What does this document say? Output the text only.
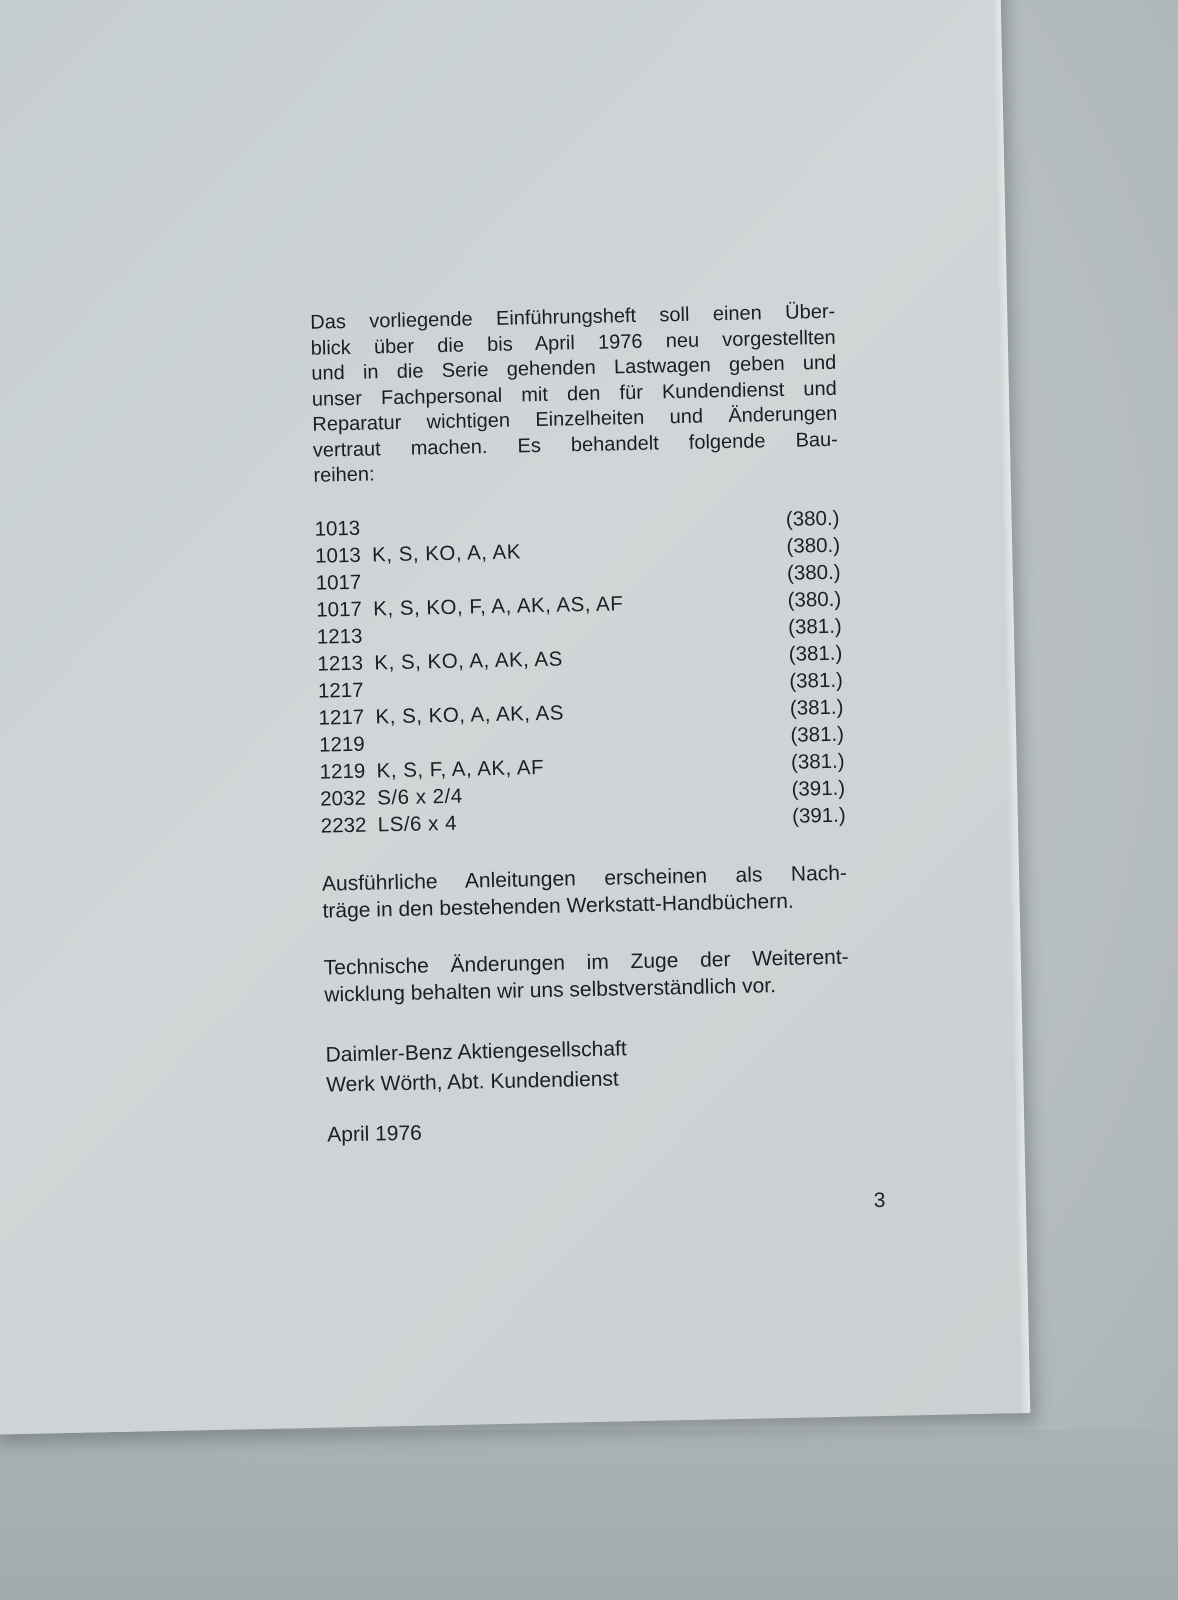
Das vorliegende Einführungsheft soll einen Über-
blick über die bis April 1976 neu vorgestellten
und in die Serie gehenden Lastwagen geben und
unser Fachpersonal mit den für Kundendienst und
Reparatur wichtigen Einzelheiten und Änderungen
vertraut machen. Es behandelt folgende Bau-
reihen:

1013	(380.)
1013 K, S, KO, A, AK	(380.)
1017	(380.)
1017 K, S, KO, F, A, AK, AS, AF	(380.)
1213	(381.)
1213 K, S, KO, A, AK, AS	(381.)
1217	(381.)
1217 K, S, KO, A, AK, AS	(381.)
1219	(381.)
1219 K, S, F, A, AK, AF	(381.)
2032 S/6 x 2/4	(391.)
2232 LS/6 x 4	(391.)

Ausführliche Anleitungen erscheinen als Nach-
träge in den bestehenden Werkstatt-Handbüchern.

Technische Änderungen im Zuge der Weiterent-
wicklung behalten wir uns selbstverständlich vor.

Daimler-Benz Aktiengesellschaft
Werk Wörth, Abt. Kundendienst
April 1976
3
